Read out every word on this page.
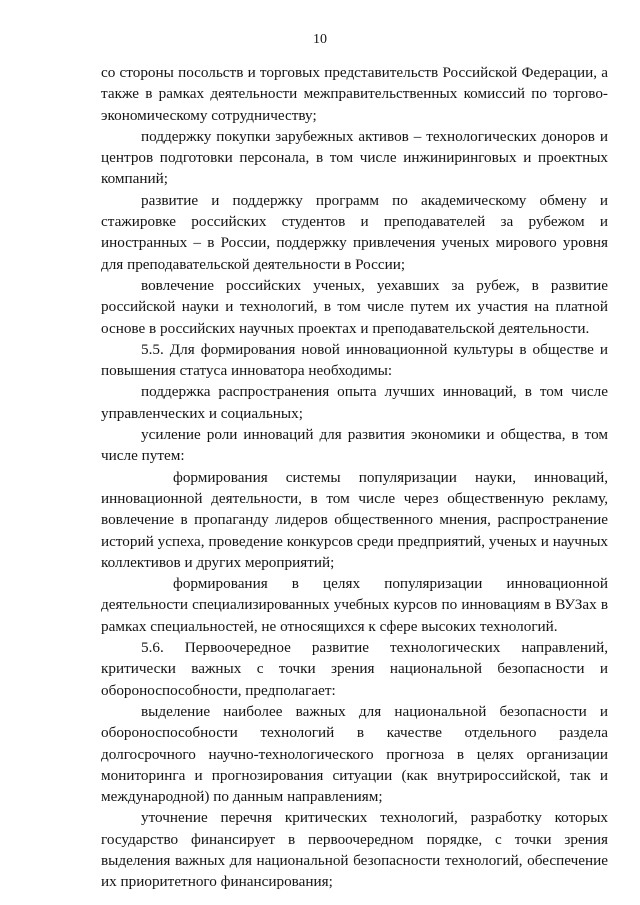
10

со стороны посольств и торговых представительств Российской Федерации, а также в рамках деятельности межправительственных комиссий по торгово-экономическому сотрудничеству;

поддержку покупки зарубежных активов – технологических доноров и центров подготовки персонала, в том числе инжиниринговых и проектных компаний;

развитие и поддержку программ по академическому обмену и стажировке российских студентов и преподавателей за рубежом и иностранных – в России, поддержку привлечения ученых мирового уровня для преподавательской деятельности в России;

вовлечение российских ученых, уехавших за рубеж, в развитие российской науки и технологий, в том числе путем их участия на платной основе в российских научных проектах и преподавательской деятельности.

5.5. Для формирования новой инновационной культуры в обществе и повышения статуса инноватора необходимы:

поддержка распространения опыта лучших инноваций, в том числе управленческих и социальных;

усиление роли инноваций для развития экономики и общества, в том числе путем:

формирования системы популяризации науки, инноваций, инновационной деятельности, в том числе через общественную рекламу, вовлечение в пропаганду лидеров общественного мнения, распространение историй успеха, проведение конкурсов среди предприятий, ученых и научных коллективов и других мероприятий;

формирования в целях популяризации инновационной деятельности специализированных учебных курсов по инновациям в ВУЗах в рамках специальностей, не относящихся к сфере высоких технологий.

5.6. Первоочередное развитие технологических направлений, критически важных с точки зрения национальной безопасности и обороноспособности, предполагает:

выделение наиболее важных для национальной безопасности и обороноспособности технологий в качестве отдельного раздела долгосрочного научно-технологического прогноза в целях организации мониторинга и прогнозирования ситуации (как внутрироссийской, так и международной) по данным направлениям;

уточнение перечня критических технологий, разработку которых государство финансирует в первоочередном порядке, с точки зрения выделения важных для национальной безопасности технологий, обеспечение их приоритетного финансирования;
